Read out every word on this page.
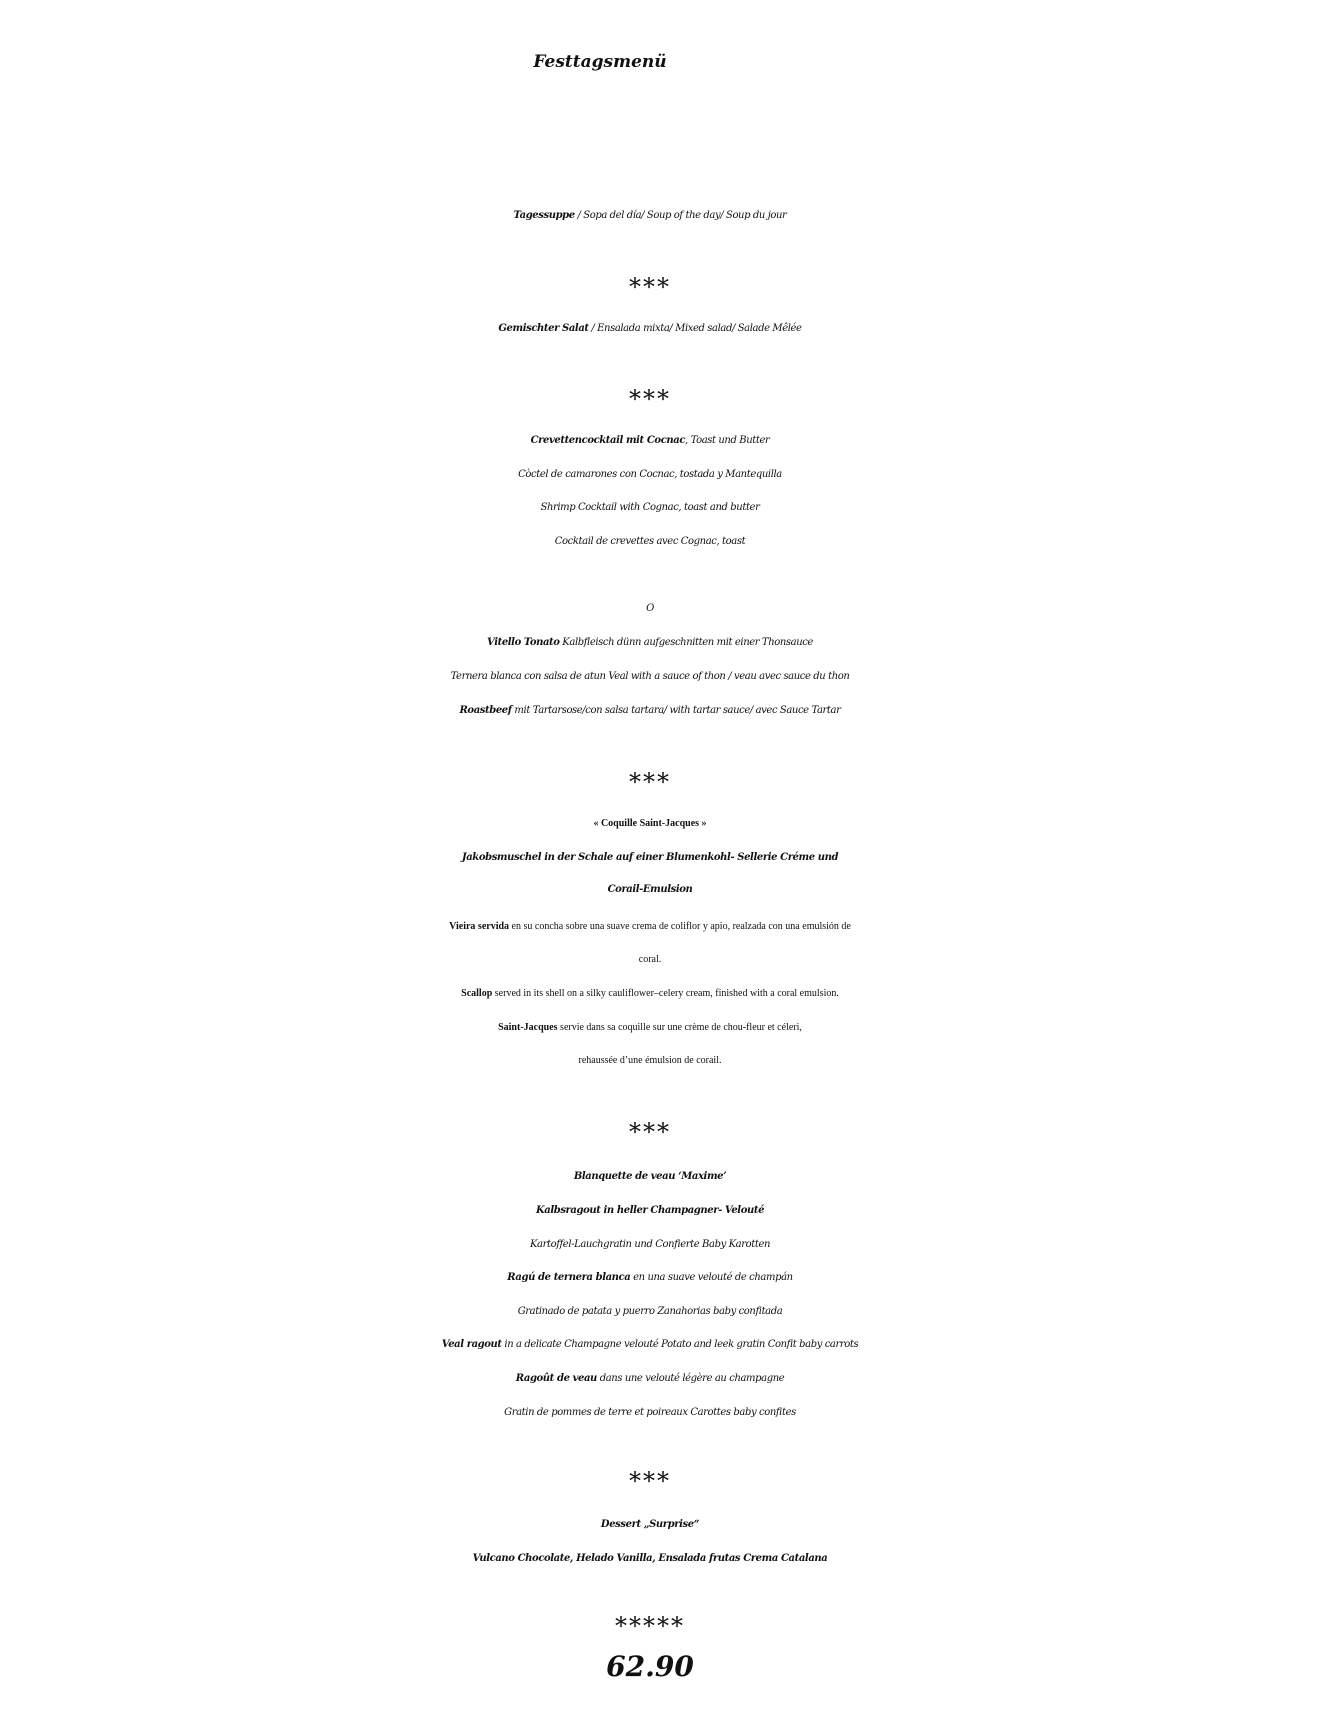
Festtagsmenü
Tagessuppe / Sopa del día/ Soup of the day/ Soup du jour
***
Gemischter Salat / Ensalada mixta/ Mixed salad/ Salade Mêlée
***
Crevettencocktail mit Cocnac, Toast und Butter
Còctel de camarones con Cocnac, tostada y Mantequilla
Shrimp Cocktail with Cognac, toast and butter
Cocktail de crevettes avec Cognac, toast
O
Vitello Tonato Kalbfleisch dünn aufgeschnitten mit einer Thonsauce
Ternera blanca con salsa de atun Veal with a sauce of thon / veau avec sauce du thon
Roastbeef mit Tartarsose/con salsa tartara/ with tartar sauce/ avec Sauce Tartar
***
« Coquille Saint-Jacques »
Jakobsmuschel in der Schale auf einer Blumenkohl- Sellerie Créme und
Corail-Emulsion
Vieira servida en su concha sobre una suave crema de coliflor y apio, realzada con una emulsión de
coral.
Scallop served in its shell on a silky cauliflower–celery cream, finished with a coral emulsion.
Saint-Jacques servie dans sa coquille sur une crème de chou-fleur et céleri,
rehaussée d’une émulsion de corail.
***
Blanquette de veau ‘Maxime’
Kalbsragout in heller Champagner- Velouté
Kartoffel-Lauchgratin und Confierte Baby Karotten
Ragú de ternera blanca en una suave velouté de champán
Gratinado de patata y puerro Zanahorias baby confitada
Veal ragout in a delicate Champagne velouté Potato and leek gratin Confit baby carrots
Ragoût de veau dans une velouté légère au champagne
Gratin de pommes de terre et poireaux Carottes baby confites
***
Dessert „Surprise“
Vulcano Chocolate, Helado Vanilla, Ensalada frutas Crema Catalana
*****
62.90
